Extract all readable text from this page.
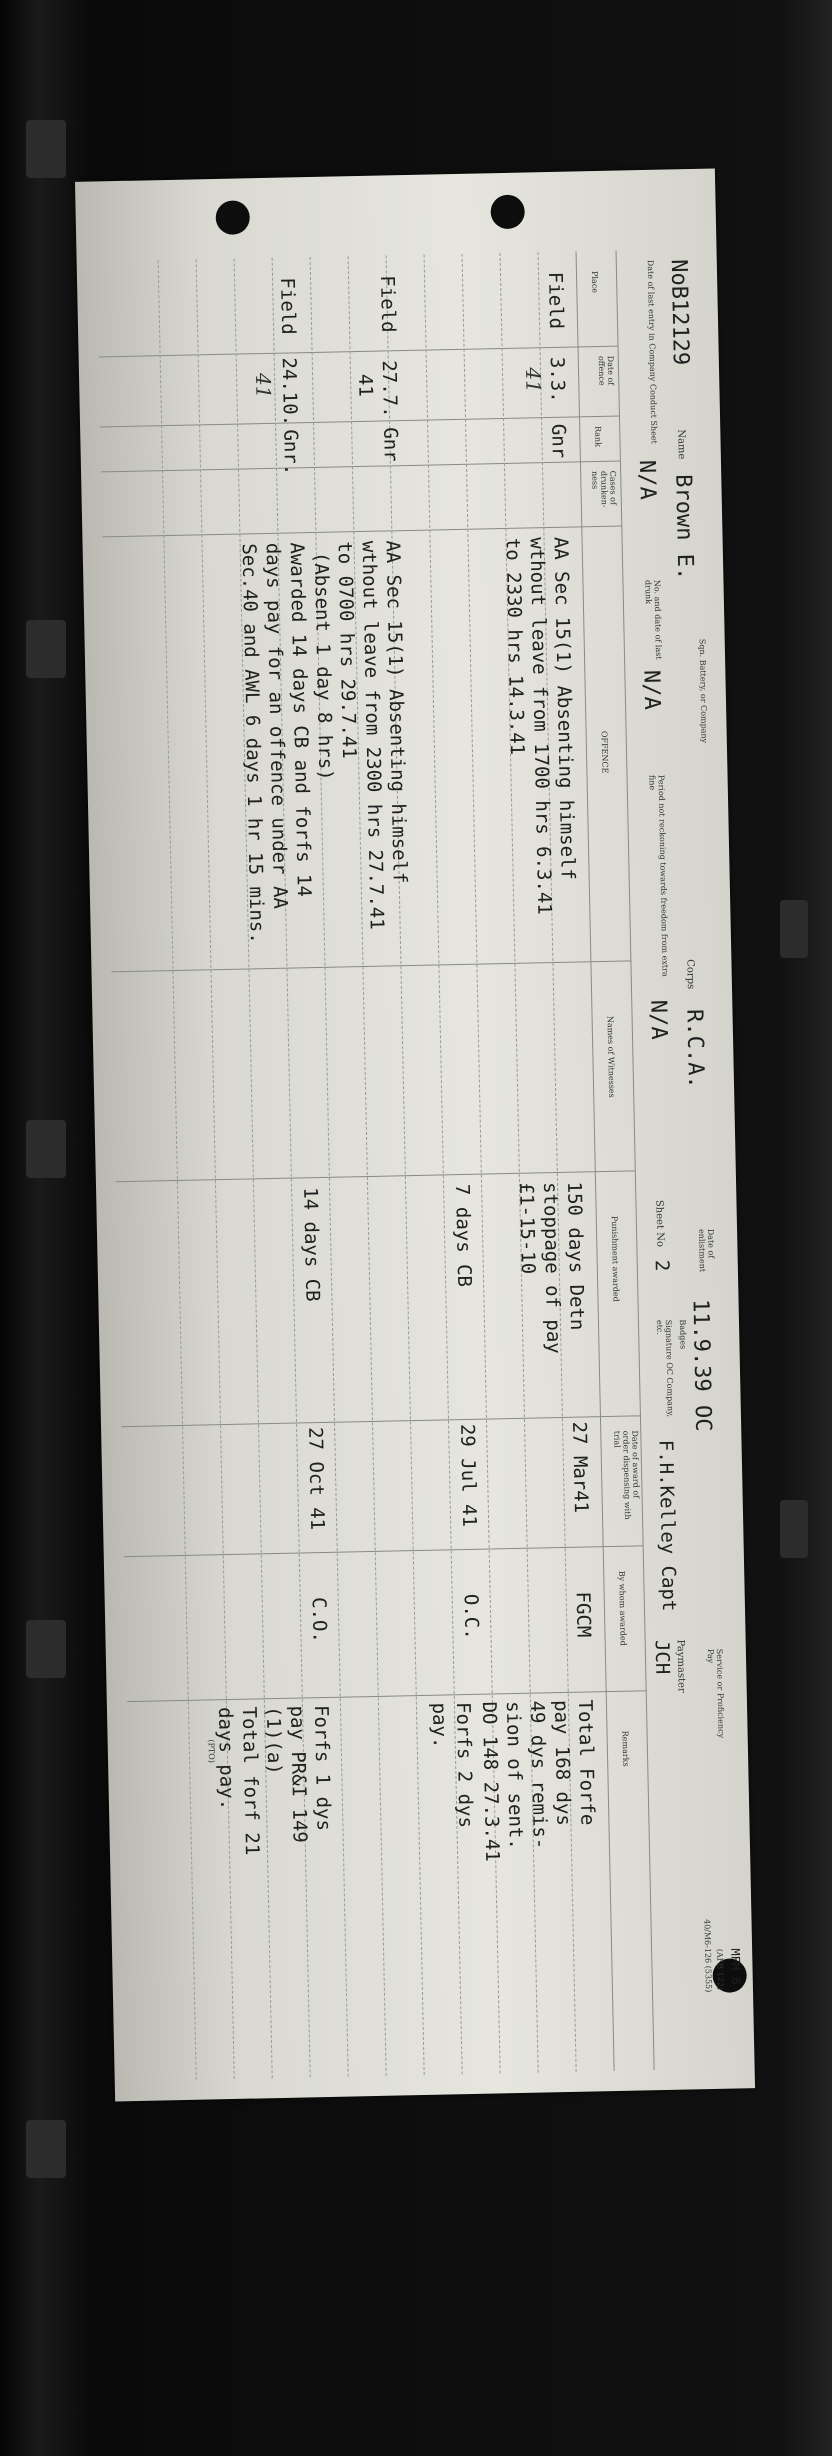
NoB12129
Name
Brown E.
Sqn. Battery, or Company
Corps
R.C.A.
Date of enlistment
11.9.39 OC
Service or Proficiency Pay
MFM 6
(AFB 122)
40/M6-126 (5355)
Date of last entry in Company Conduct Sheet
N/A
No. and date of last drunk
N/A
Period not reckoning towards freedom from extra fine
N/A
Sheet No
2
Badges
Signature OC Company, etc.
F.H.Kelley Capt
Paymaster
JCH
Place
Date of offence
Rank
Cases of drunken-ness
OFFENCE
Names of Witnesses
Punishment awarded
Date of award of order dispensing with trial
By whom awarded
Remarks
Field
3.3.
41
Gnr
AA Sec 15(1) Absenting himself
wthout leave from 1700 hrs 6.3.41
to 2330 hrs 14.3.41
150 days Detn
stoppage of pay
£1-15-10
27 Mar41
FGCM
Total Forfe
pay 168 dys
49 dys remis-
sion of sent.
DO 148 27.3.41
7 days CB
29 Jul 41
O.C.
Forfs 2 dys
pay.
Field
27.7.
41
Gnr
AA Sec 15(1) Absenting himself
wthout leave from 2300 hrs 27.7.41
to 0700 hrs 29.7.41
(Absent 1 day 8 hrs)
Awarded 14 days CB and forfs 14
days pay for an offence under AA
Sec.40 and AWL 6 days 1 hr 15 mins.
14 days CB
27 Oct 41
C.O.
Forfs 1 dys
pay PR&I 149
(1)(a)
Total forf 21
days pay.
(PTO)
Field
24.10.
41
Gnr.
